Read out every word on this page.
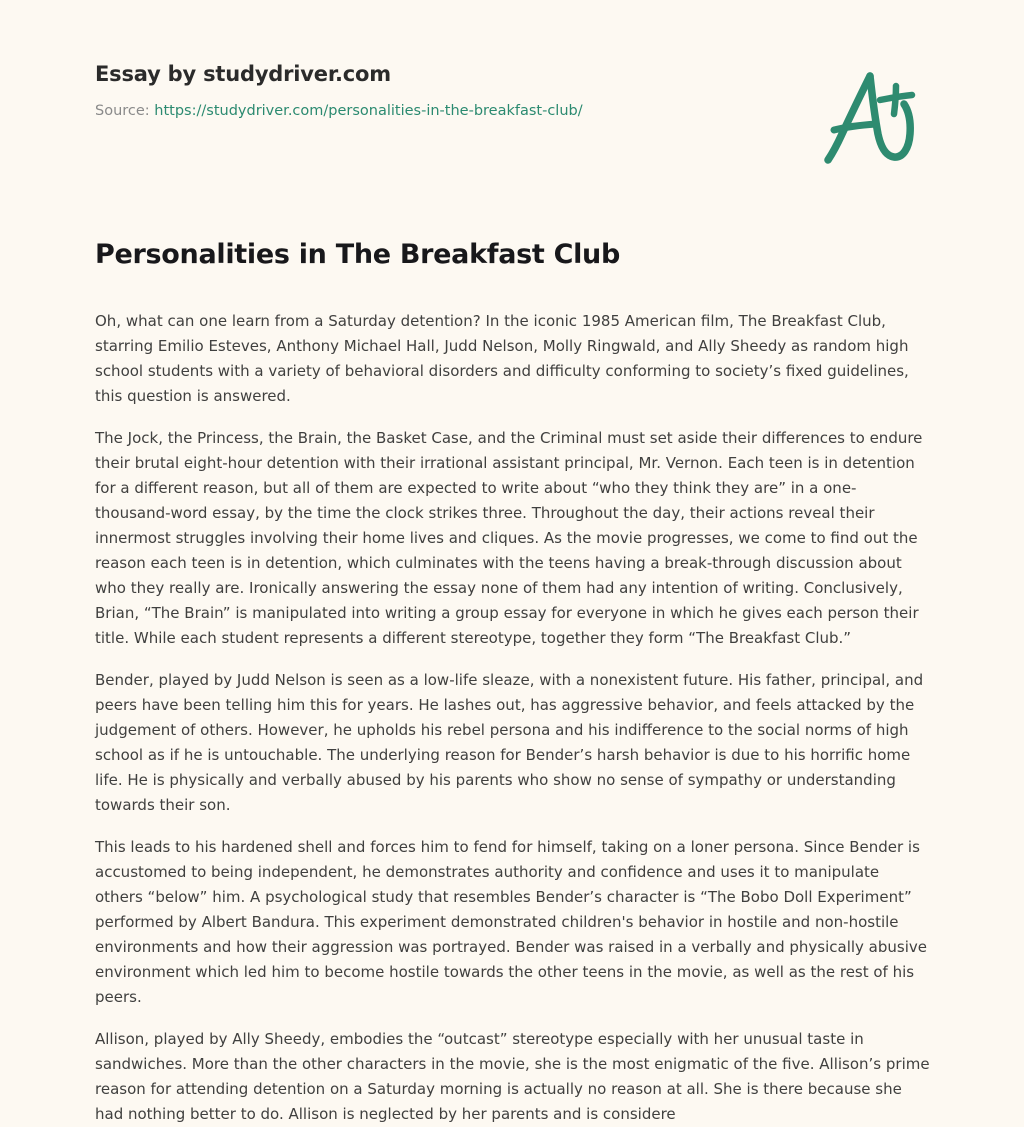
Essay by studydriver.com
Source: https://studydriver.com/personalities-in-the-breakfast-club/
Personalities in The Breakfast Club

Oh, what can one learn from a Saturday detention? In the iconic 1985 American film, The Breakfast Club, starring Emilio Esteves, Anthony Michael Hall, Judd Nelson, Molly Ringwald, and Ally Sheedy as random high school students with a variety of behavioral disorders and difficulty conforming to society’s fixed guidelines, this question is answered.

The Jock, the Princess, the Brain, the Basket Case, and the Criminal must set aside their differences to endure their brutal eight-hour detention with their irrational assistant principal, Mr. Vernon. Each teen is in detention for a different reason, but all of them are expected to write about “who they think they are” in a one-thousand-word essay, by the time the clock strikes three. Throughout the day, their actions reveal their innermost struggles involving their home lives and cliques. As the movie progresses, we come to find out the reason each teen is in detention, which culminates with the teens having a break-through discussion about who they really are. Ironically answering the essay none of them had any intention of writing. Conclusively, Brian, “The Brain” is manipulated into writing a group essay for everyone in which he gives each person their title. While each student represents a different stereotype, together they form “The Breakfast Club.”

Bender, played by Judd Nelson is seen as a low-life sleaze, with a nonexistent future. His father, principal, and peers have been telling him this for years. He lashes out, has aggressive behavior, and feels attacked by the judgement of others. However, he upholds his rebel persona and his indifference to the social norms of high school as if he is untouchable. The underlying reason for Bender’s harsh behavior is due to his horrific home life. He is physically and verbally abused by his parents who show no sense of sympathy or understanding towards their son.

This leads to his hardened shell and forces him to fend for himself, taking on a loner persona. Since Bender is accustomed to being independent, he demonstrates authority and confidence and uses it to manipulate others “below” him. A psychological study that resembles Bender’s character is “The Bobo Doll Experiment” performed by Albert Bandura. This experiment demonstrated children's behavior in hostile and non-hostile environments and how their aggression was portrayed. Bender was raised in a verbally and physically abusive environment which led him to become hostile towards the other teens in the movie, as well as the rest of his peers.

Allison, played by Ally Sheedy, embodies the “outcast” stereotype especially with her unusual taste in sandwiches. More than the other characters in the movie, she is the most enigmatic of the five. Allison’s prime reason for attending detention on a Saturday morning is actually no reason at all. She is there because she had nothing better to do. Allison is neglected by her parents and is considere
